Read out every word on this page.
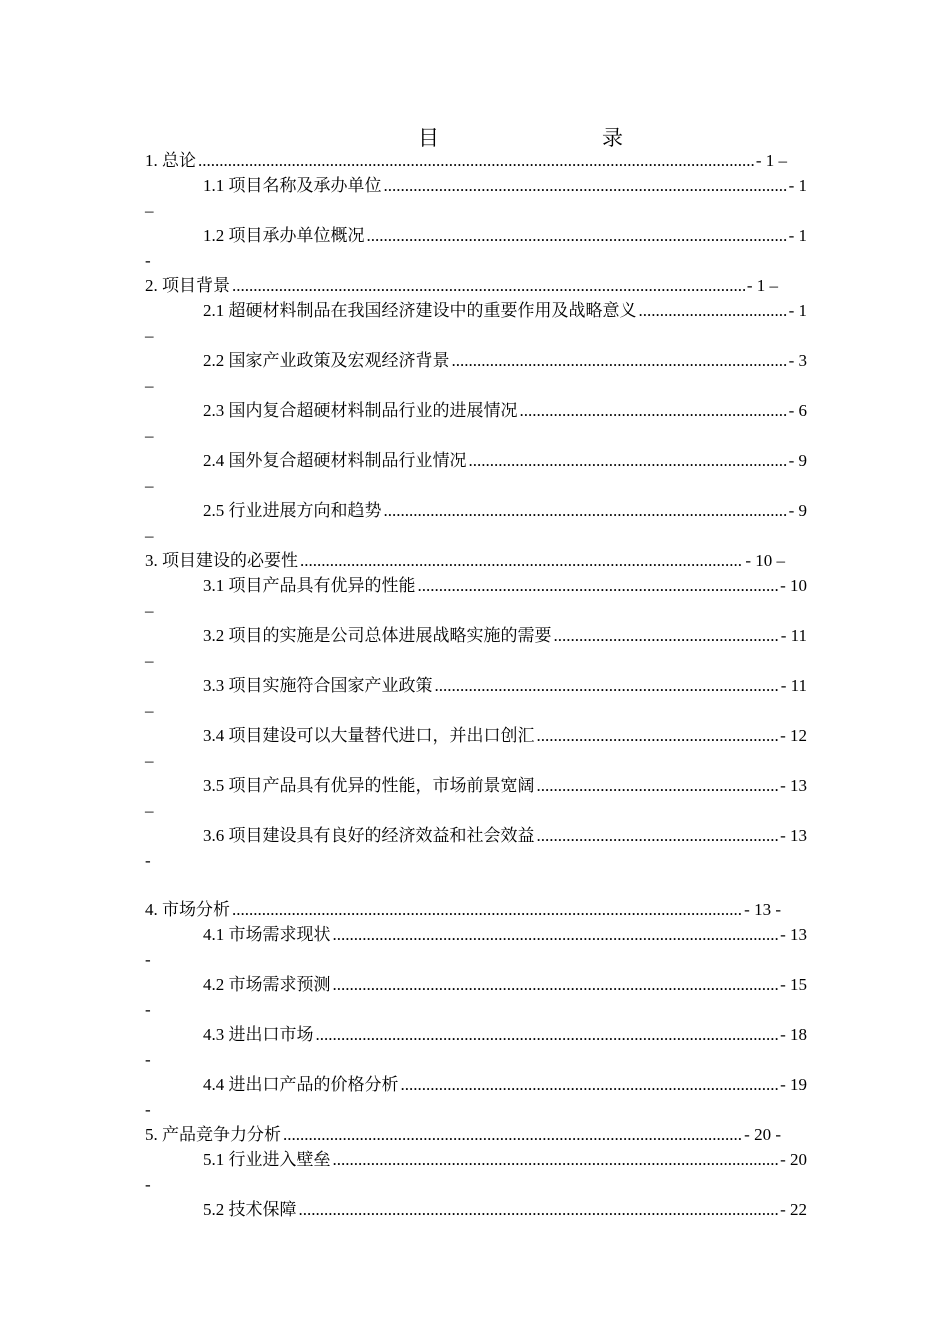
目	录
1. 总论 .....	- 1 –
1.1 项目名称及承办单位 .....	- 1
–
1.2 项目承办单位概况 .....	- 1
-
2. 项目背景 .....	- 1 –
2.1 超硬材料制品在我国经济建设中的重要作用及战略意义 .....	- 1
–
2.2 国家产业政策及宏观经济背景 .....	- 3
–
2.3 国内复合超硬材料制品行业的进展情况 .....	- 6
–
2.4 国外复合超硬材料制品行业情况 .....	- 9
–
2.5 行业进展方向和趋势 .....	- 9
–
3. 项目建设的必要性 .....	- 10 –
3.1 项目产品具有优异的性能 .....	- 10
–
3.2 项目的实施是公司总体进展战略实施的需要 .....	- 11
–
3.3 项目实施符合国家产业政策 .....	- 11
–
3.4 项目建设可以大量替代进口，并出口创汇 .....	- 12
–
3.5 项目产品具有优异的性能，市场前景宽阔 .....	- 13
–
3.6 项目建设具有良好的经济效益和社会效益 .....	- 13
-
4. 市场分析 .....	- 13 -
4.1 市场需求现状 .....	- 13
-
4.2 市场需求预测 .....	- 15
-
4.3 进出口市场 .....	- 18
-
4.4 进出口产品的价格分析 .....	- 19
-
5. 产品竞争力分析 .....	- 20 -
5.1 行业进入壁垒 .....	- 20
-
5.2 技术保障 .....	- 22
